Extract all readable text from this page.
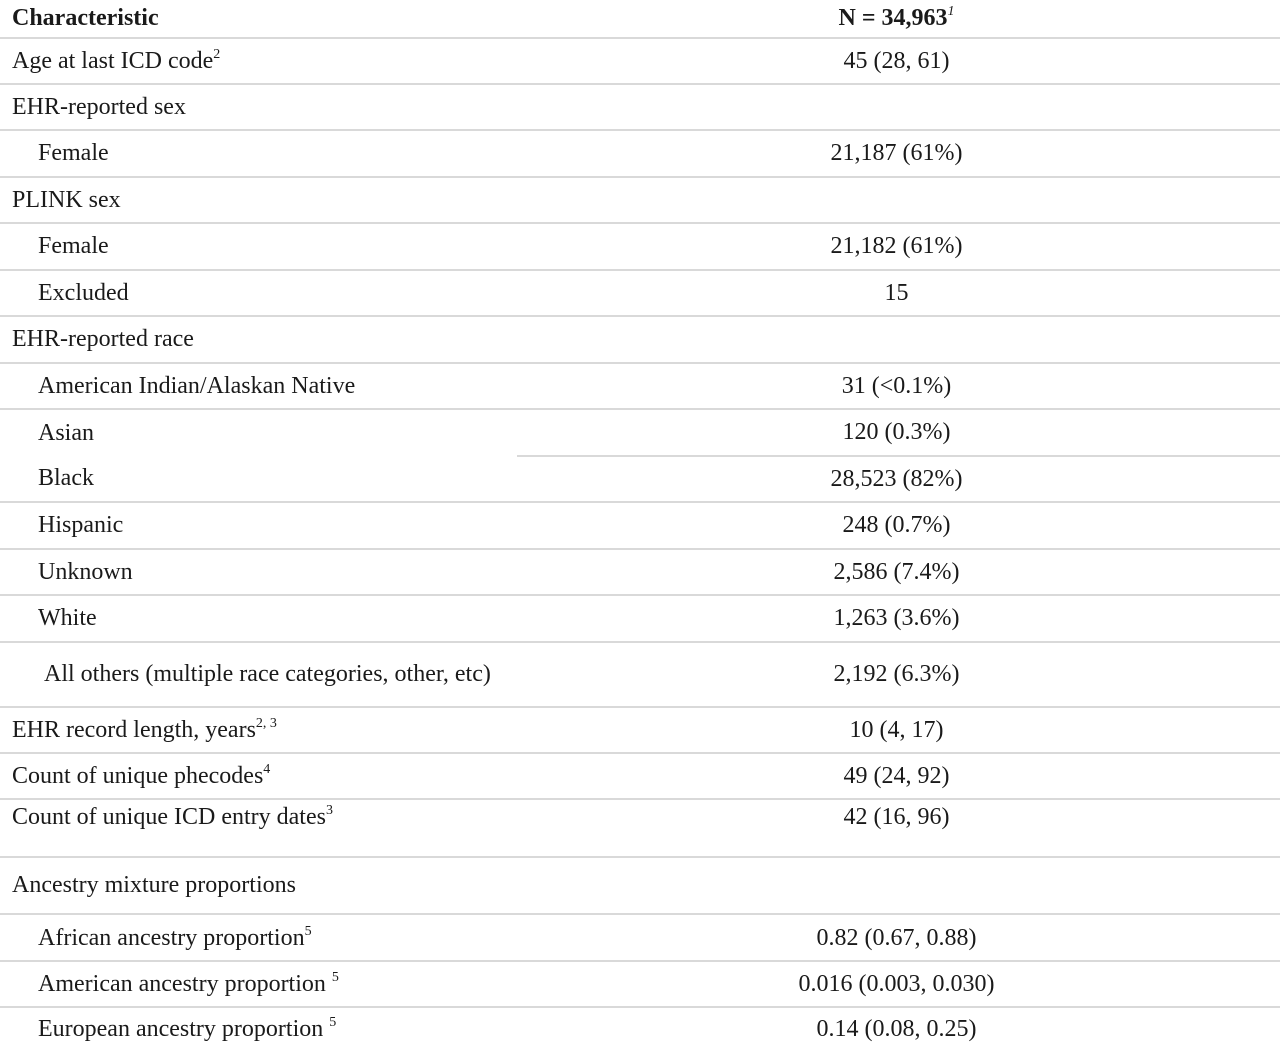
Characteristic	$N = 34,963^1$
Age at last ICD code$^2$	45 (28, 61)
EHR-reported sex	
Female	21,187 (61%)
PLINK sex	
Female	21,182 (61%)
Excluded	15
EHR-reported race	
American Indian/Alaskan Native	31 (<0.1%)
Asian	120 (0.3%)
Black	28,523 (82%)
Hispanic	248 (0.7%)
Unknown	2,586 (7.4%)
White	1,263 (3.6%)
All others (multiple race categories, other, etc)	2,192 (6.3%)
EHR record length, years$^{2, 3}$	10 (4, 17)
Count of unique phecodes$^4$	49 (24, 92)
Count of unique ICD entry dates$^3$	42 (16, 96)
Ancestry mixture proportions	
African ancestry proportion$^5$	0.82 (0.67, 0.88)
American ancestry proportion $^5$	0.016 (0.003, 0.030)
European ancestry proportion $^5$	0.14 (0.08, 0.25)
